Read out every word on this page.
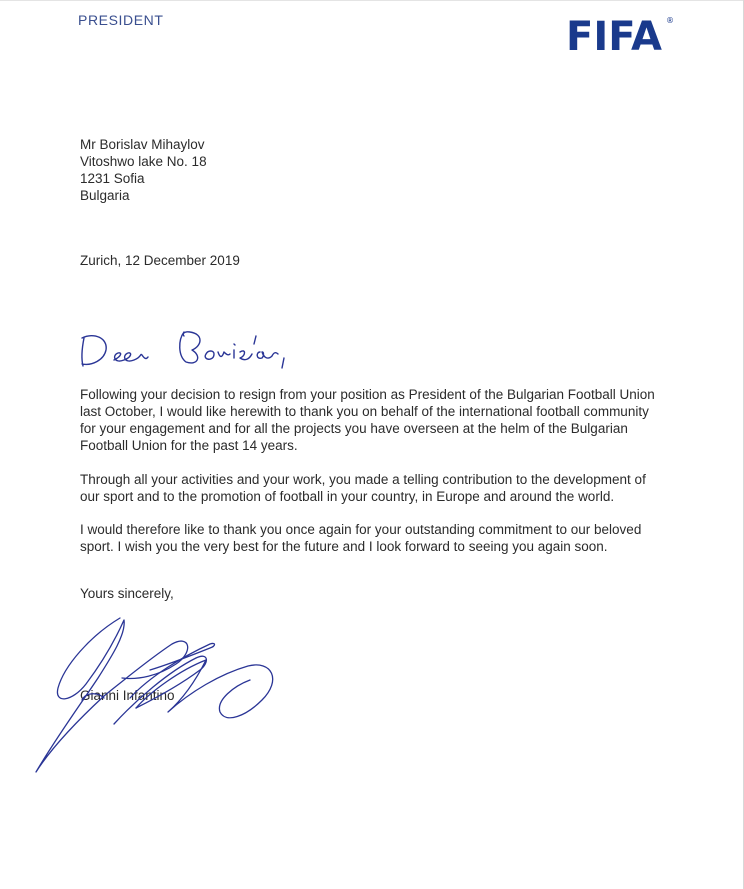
PRESIDENT	FIFA ®
Mr Borislav Mihaylov
Vitoshwo lake No. 18
1231 Sofia
Bulgaria
Zurich, 12 December 2019
Following your decision to resign from your position as President of the Bulgarian Football Union
last October, I would like herewith to thank you on behalf of the international football community
for your engagement and for all the projects you have overseen at the helm of the Bulgarian
Football Union for the past 14 years.
Through all your activities and your work, you made a telling contribution to the development of
our sport and to the promotion of football in your country, in Europe and around the world.
I would therefore like to thank you once again for your outstanding commitment to our beloved
sport. I wish you the very best for the future and I look forward to seeing you again soon.
Yours sincerely,
Gianni Infantino
